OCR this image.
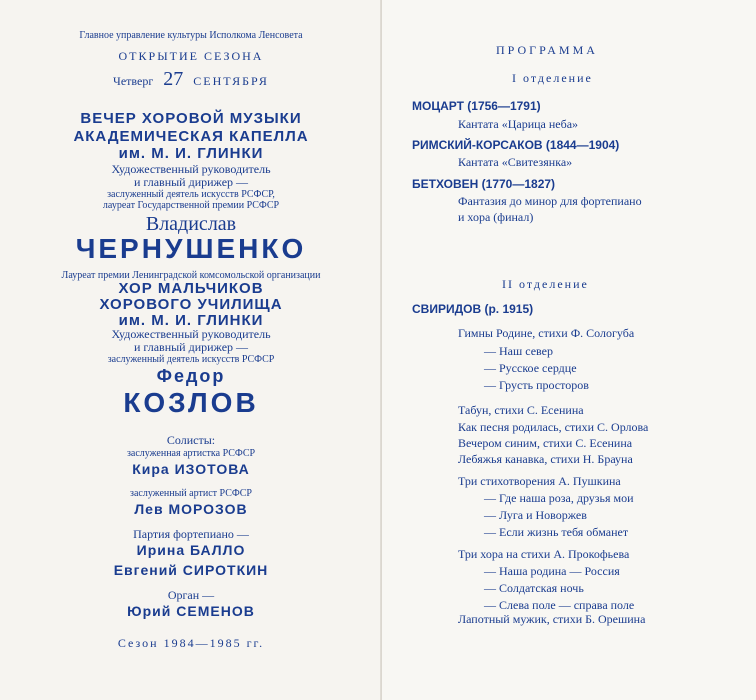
Главное управление культуры Исполкома Ленсовета
ОТКРЫТИЕ СЕЗОНА
Четверг 27 СЕНТЯБРЯ
ВЕЧЕР ХОРОВОЙ МУЗЫКИ
АКАДЕМИЧЕСКАЯ КАПЕЛЛА
им. М. И. ГЛИНКИ
Художественный руководитель
и главный дирижер —
заслуженный деятель искусств РСФСР,
лауреат Государственной премии РСФСР
Владислав
ЧЕРНУШЕНКО
Лауреат премии Ленинградской комсомольской организации
ХОР МАЛЬЧИКОВ
ХОРОВОГО УЧИЛИЩА
им. М. И. ГЛИНКИ
Художественный руководитель
и главный дирижер —
заслуженный деятель искусств РСФСР
Федор
КОЗЛОВ
Солисты:
заслуженная артистка РСФСР
Кира ИЗОТОВА
заслуженный артист РСФСР
Лев МОРОЗОВ
Партия фортепиано —
Ирина БАЛЛО
Евгений СИРОТКИН
Орган —
Юрий СЕМЕНОВ
Сезон 1984—1985 гг.
ПРОГРАММА
I отделение
МОЦАРТ (1756—1791)
Кантата «Царица неба»
РИМСКИЙ-КОРСАКОВ (1844—1904)
Кантата «Свитезянка»
БЕТХОВЕН (1770—1827)
Фантазия до минор для фортепиано
и хора (финал)
II отделение
СВИРИДОВ (р. 1915)
Гимны Родине, стихи Ф. Сологуба
— Наш север
— Русское сердце
— Грусть просторов
Табун, стихи С. Есенина
Как песня родилась, стихи С. Орлова
Вечером синим, стихи С. Есенина
Лебяжья канавка, стихи Н. Брауна
Три стихотворения А. Пушкина
— Где наша роза, друзья мои
— Луга и Новоржев
— Если жизнь тебя обманет
Три хора на стихи А. Прокофьева
— Наша родина — Россия
— Солдатская ночь
— Слева поле — справа поле
Лапотный мужик, стихи Б. Орешина
